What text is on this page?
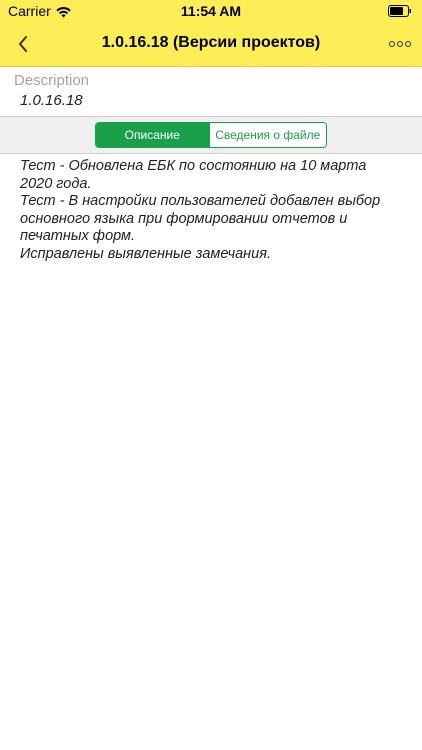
Carrier	11:54 AM
1.0.16.18 (Версии проектов)
Description
1.0.16.18
Описание	Сведения о файле

Тест - Обновлена ЕБК по состоянию на 10 марта 2020 года.

Тест - В настройки пользователей добавлен выбор основного языка при формировании отчетов и печатных форм.

Исправлены выявленные замечания.
